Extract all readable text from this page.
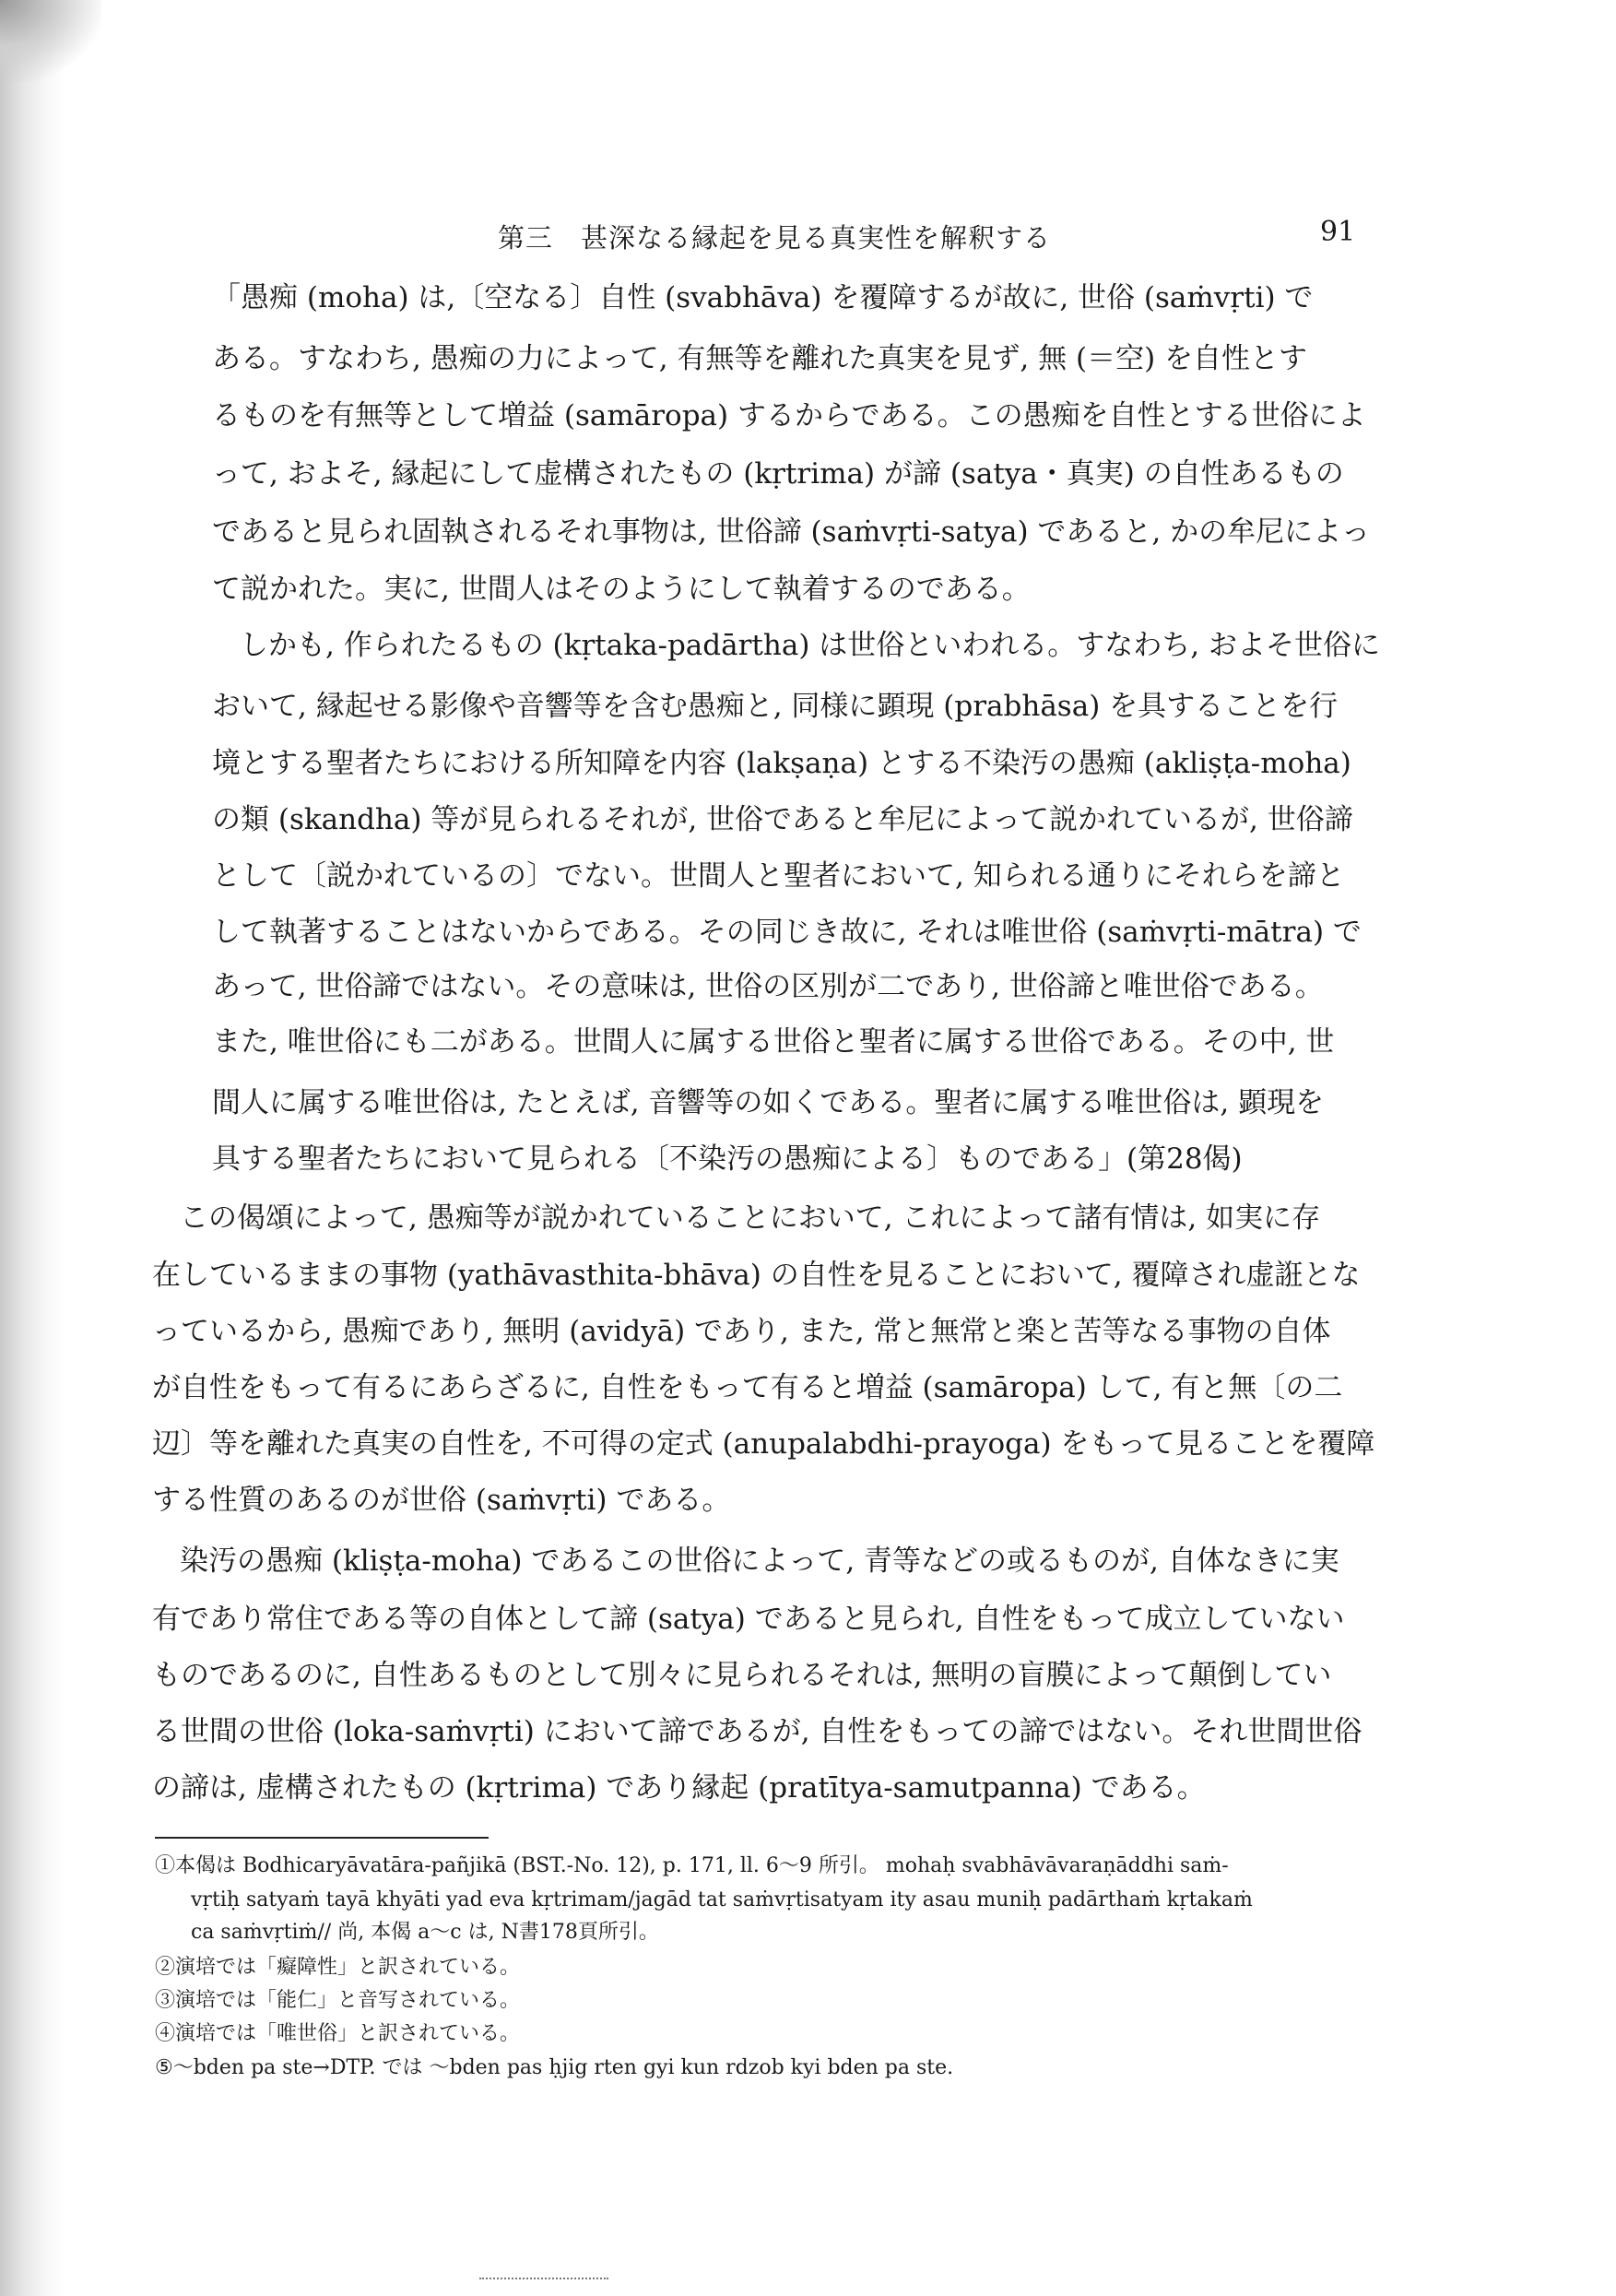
第三　甚深なる縁起を見る真実性を解釈する	91
「愚痴 (moha) は,〔空なる〕自性 (svabhāva) を覆障するが故に, 世俗 (saṁvṛti) で
ある。すなわち, 愚痴の力によって, 有無等を離れた真実を見ず, 無 (＝空) を自性とす
るものを有無等として増益 (samāropa) するからである。この愚痴を自性とする世俗によ
って, およそ, 縁起にして虚構されたもの (kṛtrima) が諦 (satya・真実) の自性あるもの
であると見られ固執されるそれ事物は, 世俗諦 (saṁvṛti-satya) であると, かの牟尼によっ
て説かれた。実に, 世間人はそのようにして執着するのである。
しかも, 作られたるもの (kṛtaka-padārtha) は世俗といわれる。すなわち, およそ世俗に
おいて, 縁起せる影像や音響等を含む愚痴と, 同様に顕現 (prabhāsa) を具することを行
境とする聖者たちにおける所知障を内容 (lakṣaṇa) とする不染汚の愚痴 (akliṣṭa-moha)
の類 (skandha) 等が見られるそれが, 世俗であると牟尼によって説かれているが, 世俗諦
として〔説かれているの〕でない。世間人と聖者において, 知られる通りにそれらを諦と
して執著することはないからである。その同じき故に, それは唯世俗 (saṁvṛti-mātra) で
あって, 世俗諦ではない。その意味は, 世俗の区別が二であり, 世俗諦と唯世俗である。
また, 唯世俗にも二がある。世間人に属する世俗と聖者に属する世俗である。その中, 世
間人に属する唯世俗は, たとえば, 音響等の如くである。聖者に属する唯世俗は, 顕現を
具する聖者たちにおいて見られる〔不染汚の愚痴による〕ものである」(第28偈)
この偈頌によって, 愚痴等が説かれていることにおいて, これによって諸有情は, 如実に存
在しているままの事物 (yathāvasthita-bhāva) の自性を見ることにおいて, 覆障され虚誑とな
っているから, 愚痴であり, 無明 (avidyā) であり, また, 常と無常と楽と苦等なる事物の自体
が自性をもって有るにあらざるに, 自性をもって有ると増益 (samāropa) して, 有と無〔の二
辺〕等を離れた真実の自性を, 不可得の定式 (anupalabdhi-prayoga) をもって見ることを覆障
する性質のあるのが世俗 (saṁvṛti) である。
染汚の愚痴 (kliṣṭa-moha) であるこの世俗によって, 青等などの或るものが, 自体なきに実
有であり常住である等の自体として諦 (satya) であると見られ, 自性をもって成立していない
ものであるのに, 自性あるものとして別々に見られるそれは, 無明の盲膜によって顛倒してい
る世間の世俗 (loka-saṁvṛti) において諦であるが, 自性をもっての諦ではない。それ世間世俗
の諦は, 虚構されたもの (kṛtrima) であり縁起 (pratītya-samutpanna) である。
①本偈は Bodhicaryāvatāra-pañjikā (BST.-No. 12), p. 171, ll. 6〜9 所引。 mohaḥ svabhāvāvaraṇāddhi saṁ-
vṛtiḥ satyaṁ tayā khyāti yad eva kṛtrimam/jagād tat saṁvṛtisatyam ity asau muniḥ padārthaṁ kṛtakaṁ
ca saṁvṛtiṁ// 尚, 本偈 a〜c は, N書178頁所引。
②演培では「癡障性」と訳されている。
③演培では「能仁」と音写されている。
④演培では「唯世俗」と訳されている。
⑤〜bden pa ste→DTP. では 〜bden pas ḥjig rten gyi kun rdzob kyi bden pa ste.
